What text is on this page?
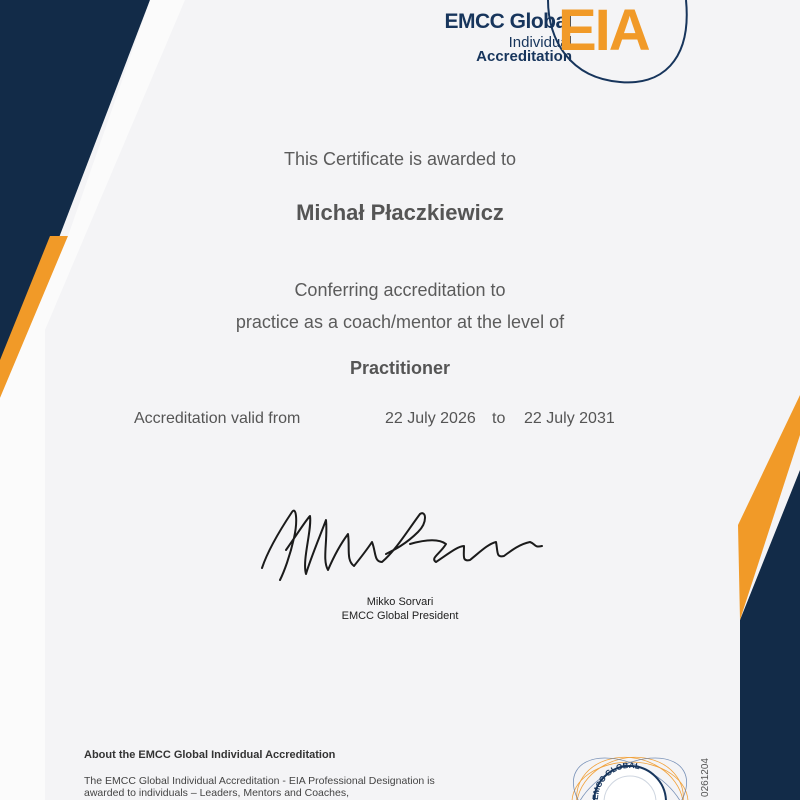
EMCC Global
Individual
Accreditation
EIA
This Certificate is awarded to
Michał Płaczkiewicz
Conferring accreditation to
practice as a coach/mentor at the level of
Practitioner
Accreditation valid from	22 July 2026 to 22 July 2031
Mikko Sorvari
EMCC Global President
About the EMCC Global Individual Accreditation
The EMCC Global Individual Accreditation - EIA Professional Designation is awarded to individuals – Leaders, Mentors and Coaches,	EMCC GLOBAL	0261204
